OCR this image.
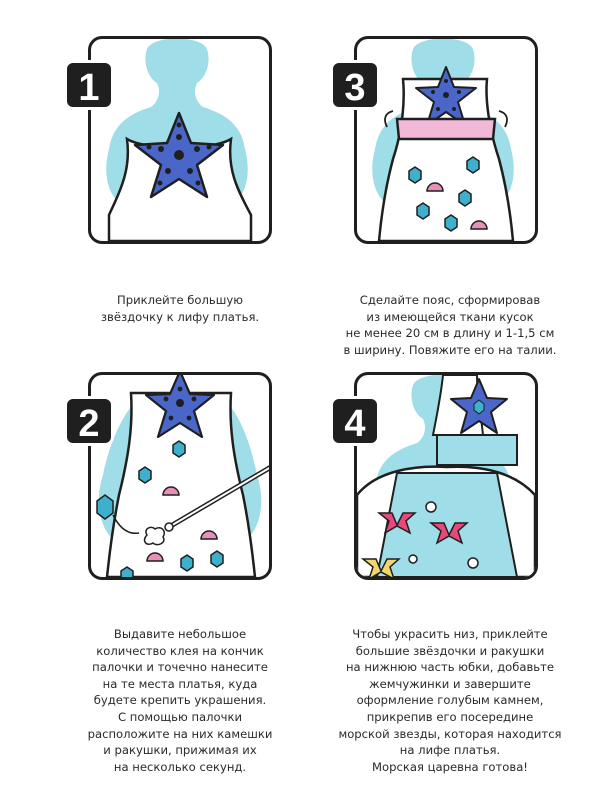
1	3
2	4
Приклейте большую
звёздочку к лифу платья.
Сделайте пояс, сформировав
из имеющейся ткани кусок
не менее 20 см в длину и 1-1,5 см
в ширину. Повяжите его на талии.
Выдавите небольшое
количество клея на кончик
палочки и точечно нанесите
на те места платья, куда
будете крепить украшения.
С помощью палочки
расположите на них камешки
и ракушки, прижимая их
на несколько секунд.
Чтобы украсить низ, приклейте
большие звёздочки и ракушки
на нижнюю часть юбки, добавьте
жемчужинки и завершите
оформление голубым камнем,
прикрепив его посередине
морской звезды, которая находится
на лифе платья.
Морская царевна готова!
